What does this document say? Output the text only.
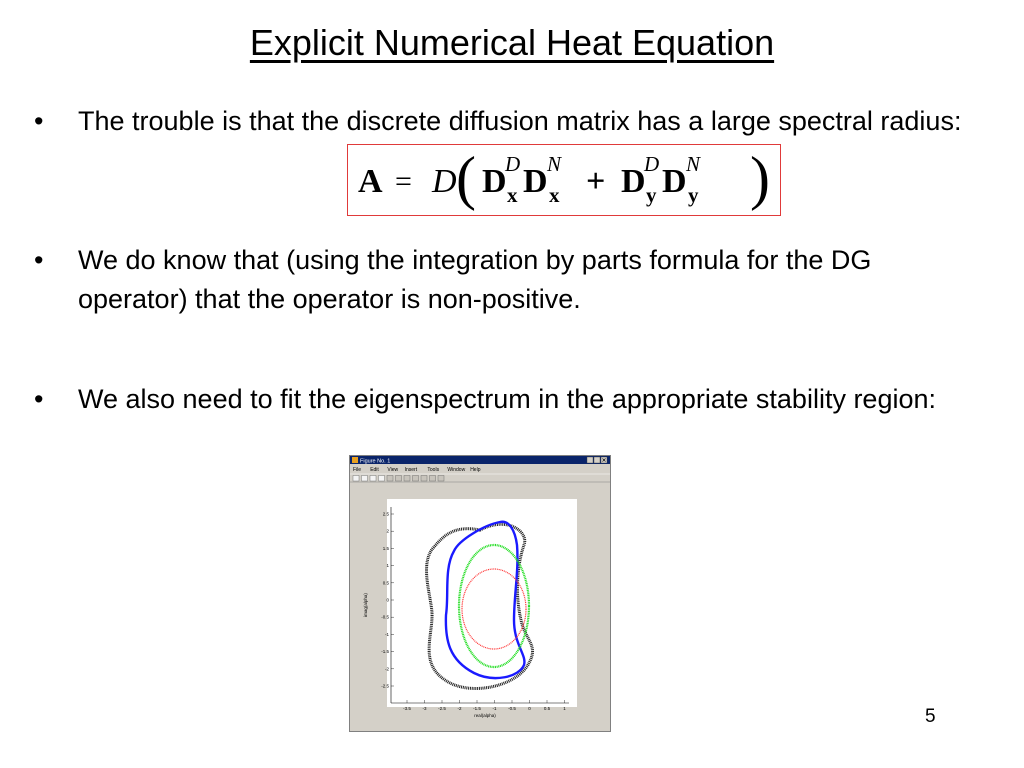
Explicit Numerical Heat Equation
• The trouble is that the discrete diffusion matrix has a large spectral radius:
• We do know that (using the integration by parts formula for the DG operator) that the operator is non-positive.
• We also need to fit the eigenspectrum in the appropriate stability region:
A = D ( D
D
x D N
x + D
D
y D N
y )
Figure No. 1
File Edit View Insert Tools Window Help
2.5
2
1.5
1
0.5
0
-0.5
-1
-1.5
-2
-2.5
-3.5	-3	-2.5	-2	-1.5	-1	-0.5	0	0.5	1
real(alpha)
imag(alpha)
5
